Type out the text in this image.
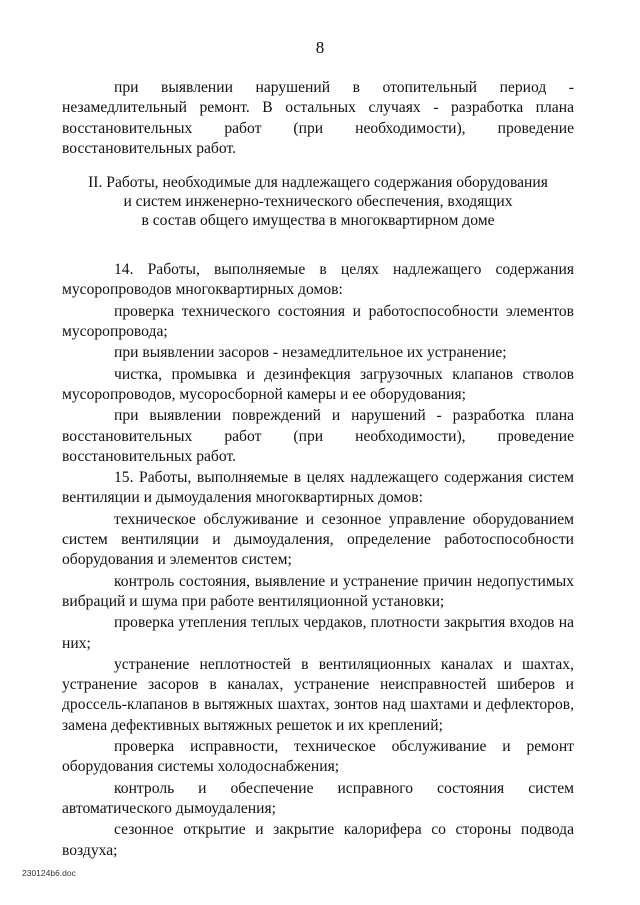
8

при выявлении нарушений в отопительный период - незамедлительный ремонт. В остальных случаях - разработка плана восстановительных работ (при необходимости), проведение восстановительных работ.

II. Работы, необходимые для надлежащего содержания оборудования
и систем инженерно-технического обеспечения, входящих
в состав общего имущества в многоквартирном доме

14. Работы, выполняемые в целях надлежащего содержания мусоропроводов многоквартирных домов:

проверка технического состояния и работоспособности элементов мусоропровода;

при выявлении засоров - незамедлительное их устранение;

чистка, промывка и дезинфекция загрузочных клапанов стволов мусоропроводов, мусоросборной камеры и ее оборудования;

при выявлении повреждений и нарушений - разработка плана восстановительных работ (при необходимости), проведение восстановительных работ.

15. Работы, выполняемые в целях надлежащего содержания систем вентиляции и дымоудаления многоквартирных домов:

техническое обслуживание и сезонное управление оборудованием систем вентиляции и дымоудаления, определение работоспособности оборудования и элементов систем;

контроль состояния, выявление и устранение причин недопустимых вибраций и шума при работе вентиляционной установки;

проверка утепления теплых чердаков, плотности закрытия входов на них;

устранение неплотностей в вентиляционных каналах и шахтах, устранение засоров в каналах, устранение неисправностей шиберов и дроссель-клапанов в вытяжных шахтах, зонтов над шахтами и дефлекторов, замена дефективных вытяжных решеток и их креплений;

проверка исправности, техническое обслуживание и ремонт оборудования системы холодоснабжения;

контроль и обеспечение исправного состояния систем автоматического дымоудаления;

сезонное открытие и закрытие калорифера со стороны подвода воздуха;

230124b6.doc
